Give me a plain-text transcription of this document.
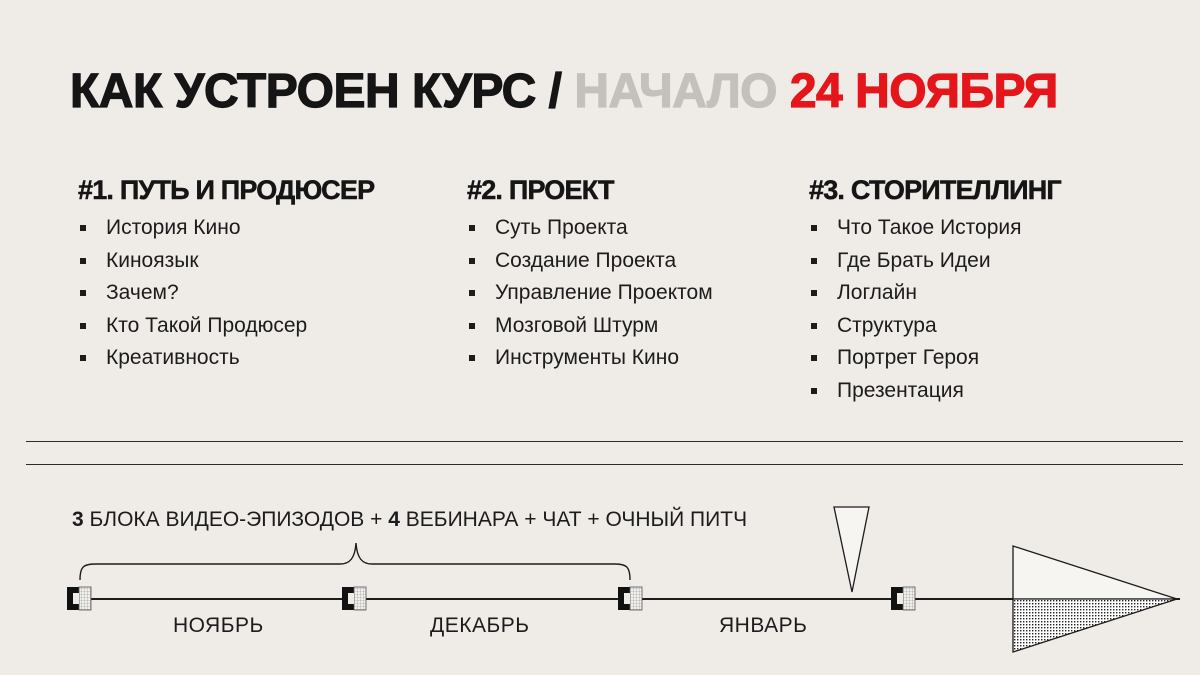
КАК УСТРОЕН КУРС / НАЧАЛО 24 НОЯБРЯ
#1. ПУТЬ И ПРОДЮСЕР
История Кино
Киноязык
Зачем?
Кто Такой Продюсер
Креативность
#2. ПРОЕКТ
Суть Проекта
Создание Проекта
Управление Проектом
Мозговой Штурм
Инструменты Кино
#3. СТОРИТЕЛЛИНГ
Что Такое История
Где Брать Идеи
Логлайн
Структура
Портрет Героя
Презентация
3 БЛОКА ВИДЕО-ЭПИЗОДОВ + 4 ВЕБИНАРА + ЧАТ + ОЧНЫЙ ПИТЧ
НОЯБРЬ	ДЕКАБРЬ	ЯНВАРЬ
